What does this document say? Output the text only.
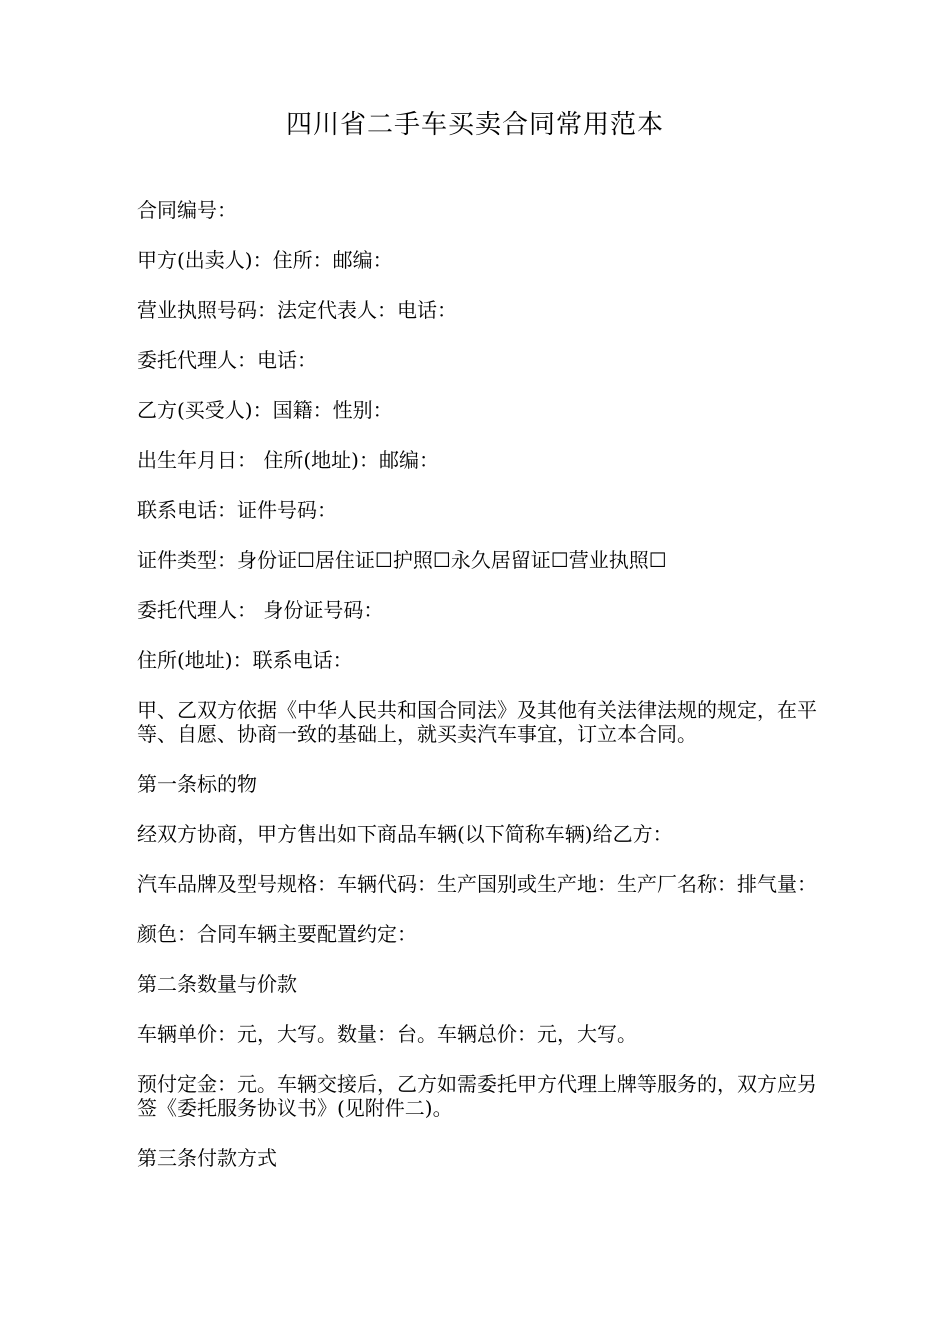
四川省二手车买卖合同常用范本

合同编号：

甲方(出卖人)：住所：邮编：

营业执照号码：法定代表人：电话：

委托代理人：电话：

乙方(买受人)：国籍：性别：

出生年月日： 住所(地址)：邮编：

联系电话：证件号码：

证件类型：身份证☐居住证☐护照☐永久居留证☐营业执照☐

委托代理人： 身份证号码：

住所(地址)：联系电话：

甲、乙双方依据《中华人民共和国合同法》及其他有关法律法规的规定，在平等、自愿、协商一致的基础上，就买卖汽车事宜，订立本合同。

第一条标的物

经双方协商，甲方售出如下商品车辆(以下简称车辆)给乙方：

汽车品牌及型号规格：车辆代码：生产国别或生产地：生产厂名称：排气量：

颜色：合同车辆主要配置约定：

第二条数量与价款

车辆单价：元，大写。数量：台。车辆总价：元，大写。

预付定金：元。车辆交接后，乙方如需委托甲方代理上牌等服务的，双方应另签《委托服务协议书》(见附件二)。

第三条付款方式
